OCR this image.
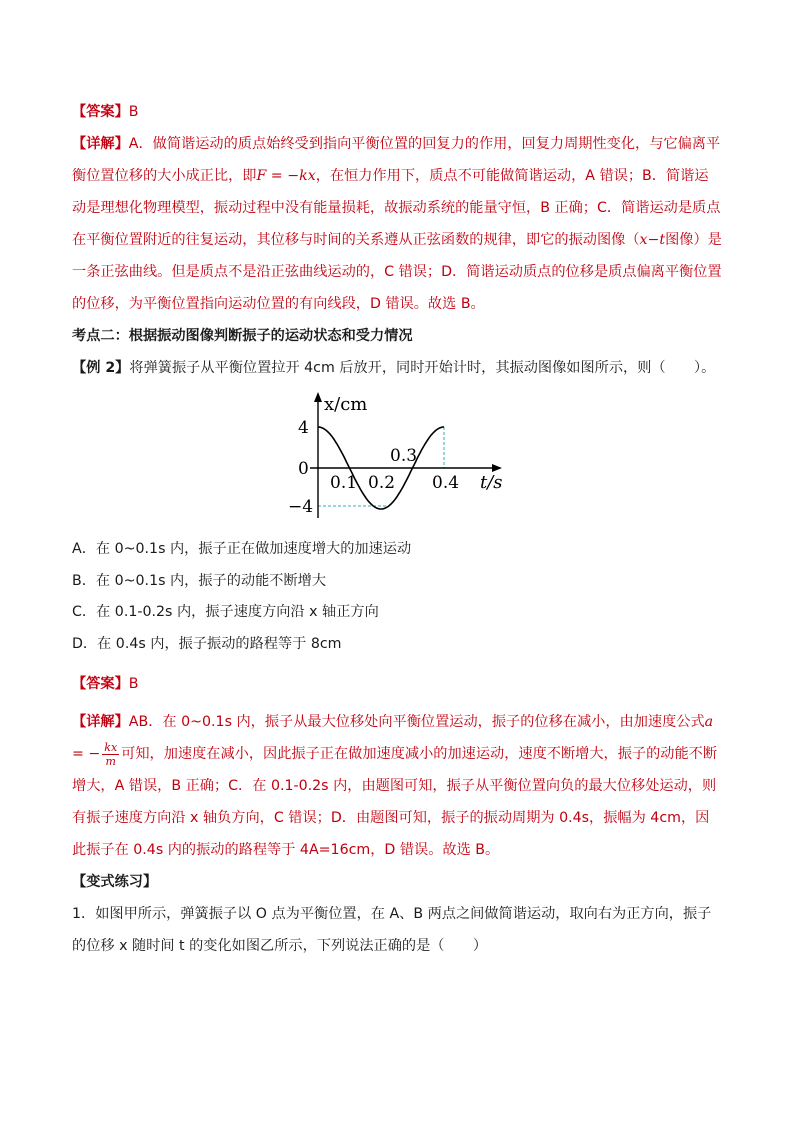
【答案】B

【详解】A．做简谐运动的质点始终受到指向平衡位置的回复力的作用，回复力周期性变化，与它偏离平衡位置位移的大小成正比，即F = −kx，在恒力作用下，质点不可能做简谐运动，A 错误；B．简谐运动是理想化物理模型，振动过程中没有能量损耗，故振动系统的能量守恒，B 正确；C．简谐运动是质点在平衡位置附近的往复运动，其位移与时间的关系遵从正弦函数的规律，即它的振动图像（x−t图像）是一条正弦曲线。但是质点不是沿正弦曲线运动的，C 错误；D．简谐运动质点的位移是质点偏离平衡位置的位移，为平衡位置指向运动位置的有向线段，D 错误。故选 B。

考点二：根据振动图像判断振子的运动状态和受力情况

【例 2】将弹簧振子从平衡位置拉开 4cm 后放开，同时开始计时，其振动图像如图所示，则（　　）。

x/cm
4
0
−4
0.1 0.2
0.3
0.4 t/s

A．在 0~0.1s 内，振子正在做加速度增大的加速运动

B．在 0~0.1s 内，振子的动能不断增大

C．在 0.1-0.2s 内，振子速度方向沿 x 轴正方向

D．在 0.4s 内，振子振动的路程等于 8cm

【答案】B

【详解】AB．在 0~0.1s 内，振子从最大位移处向平衡位置运动，振子的位移在减小，由加速度公式a = − $\frac{kx}{m}$ 可知，加速度在减小，因此振子正在做加速度减小的加速运动，速度不断增大，振子的动能不断增大，A 错误，B 正确；C．在 0.1-0.2s 内，由题图可知，振子从平衡位置向负的最大位移处运动，则有振子速度方向沿 x 轴负方向，C 错误；D．由题图可知，振子的振动周期为 0.4s，振幅为 4cm，因此振子在 0.4s 内的振动的路程等于 4A=16cm，D 错误。故选 B。

【变式练习】

1．如图甲所示，弹簧振子以 O 点为平衡位置，在 A、B 两点之间做简谐运动，取向右为正方向，振子的位移 x 随时间 t 的变化如图乙所示，下列说法正确的是（　　）
